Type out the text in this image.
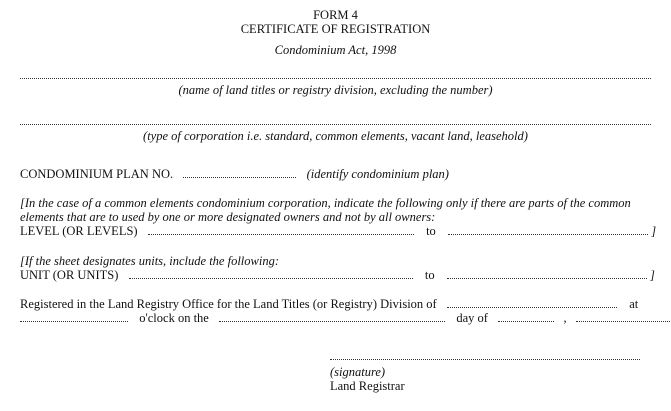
FORM 4
CERTIFICATE OF REGISTRATION
Condominium Act, 1998
(name of land titles or registry division, excluding the number)
(type of corporation i.e. standard, common elements, vacant land, leasehold)
CONDOMINIUM PLAN NO.	(identify condominium plan)
[In the case of a common elements condominium corporation, indicate the following only if there are parts of the common
elements that are to used by one or more designated owners and not by all owners:
LEVEL (OR LEVELS)	to	]
[If the sheet designates units, include the following:
UNIT (OR UNITS)	to	]
Registered in the Land Registry Office for the Land Titles (or Registry) Division of	at
o'clock on the	day of	,
(signature)
Land Registrar
